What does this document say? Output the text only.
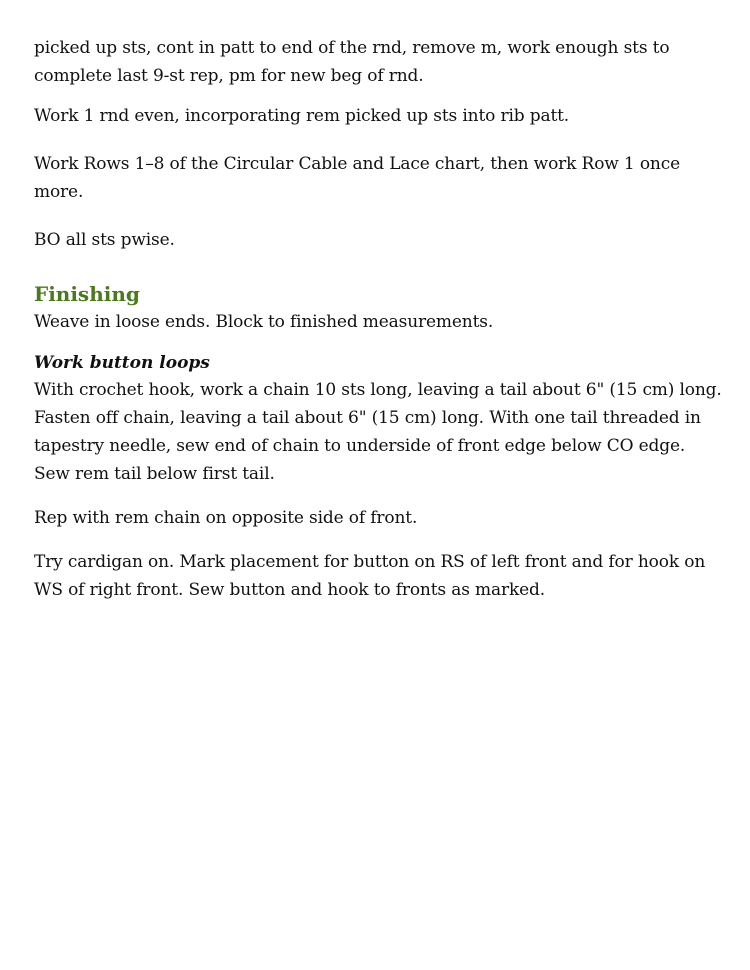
picked up sts, cont in patt to end of the rnd, remove m, work enough sts to complete last 9-st rep, pm for new beg of rnd.

Work 1 rnd even, incorporating rem picked up sts into rib patt.

Work Rows 1–8 of the Circular Cable and Lace chart, then work Row 1 once more.

BO all sts pwise.

Finishing

Weave in loose ends. Block to finished measurements.

Work button loops

With crochet hook, work a chain 10 sts long, leaving a tail about 6" (15 cm) long. Fasten off chain, leaving a tail about 6" (15 cm) long. With one tail threaded in tapestry needle, sew end of chain to underside of front edge below CO edge. Sew rem tail below first tail.

Rep with rem chain on opposite side of front.

Try cardigan on. Mark placement for button on RS of left front and for hook on WS of right front. Sew button and hook to fronts as marked.
